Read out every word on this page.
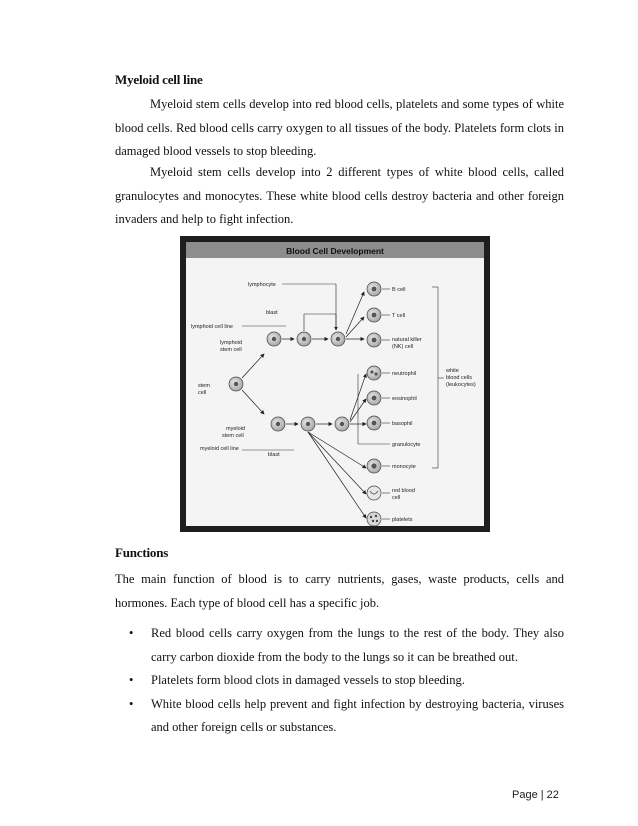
Myeloid cell line

Myeloid stem cells develop into red blood cells, platelets and some types of white blood cells. Red blood cells carry oxygen to all tissues of the body. Platelets form clots in damaged blood vessels to stop bleeding.

Myeloid stem cells develop into 2 different types of white blood cells, called granulocytes and monocytes. These white blood cells destroy bacteria and other foreign invaders and help to fight infection.

Blood Cell Development
lymphocyte
blast
lymphoid cell line
lymphoid
stem cell
stem
cell
myeloid
stem cell
myeloid cell line
blast
B cell
T cell
natural killer
(NK) cell
neutrophil
eosinophil
basophil
granulocyte
monocyte
red blood
cell
platelets
white
blood cells
(leukocytes)
Functions

The main function of blood is to carry nutrients, gases, waste products, cells and hormones. Each type of blood cell has a specific job.

• Red blood cells carry oxygen from the lungs to the rest of the body. They also carry carbon dioxide from the body to the lungs so it can be breathed out.
• Platelets form blood clots in damaged vessels to stop bleeding.
• White blood cells help prevent and fight infection by destroying bacteria, viruses and other foreign cells or substances.
Page | 22
